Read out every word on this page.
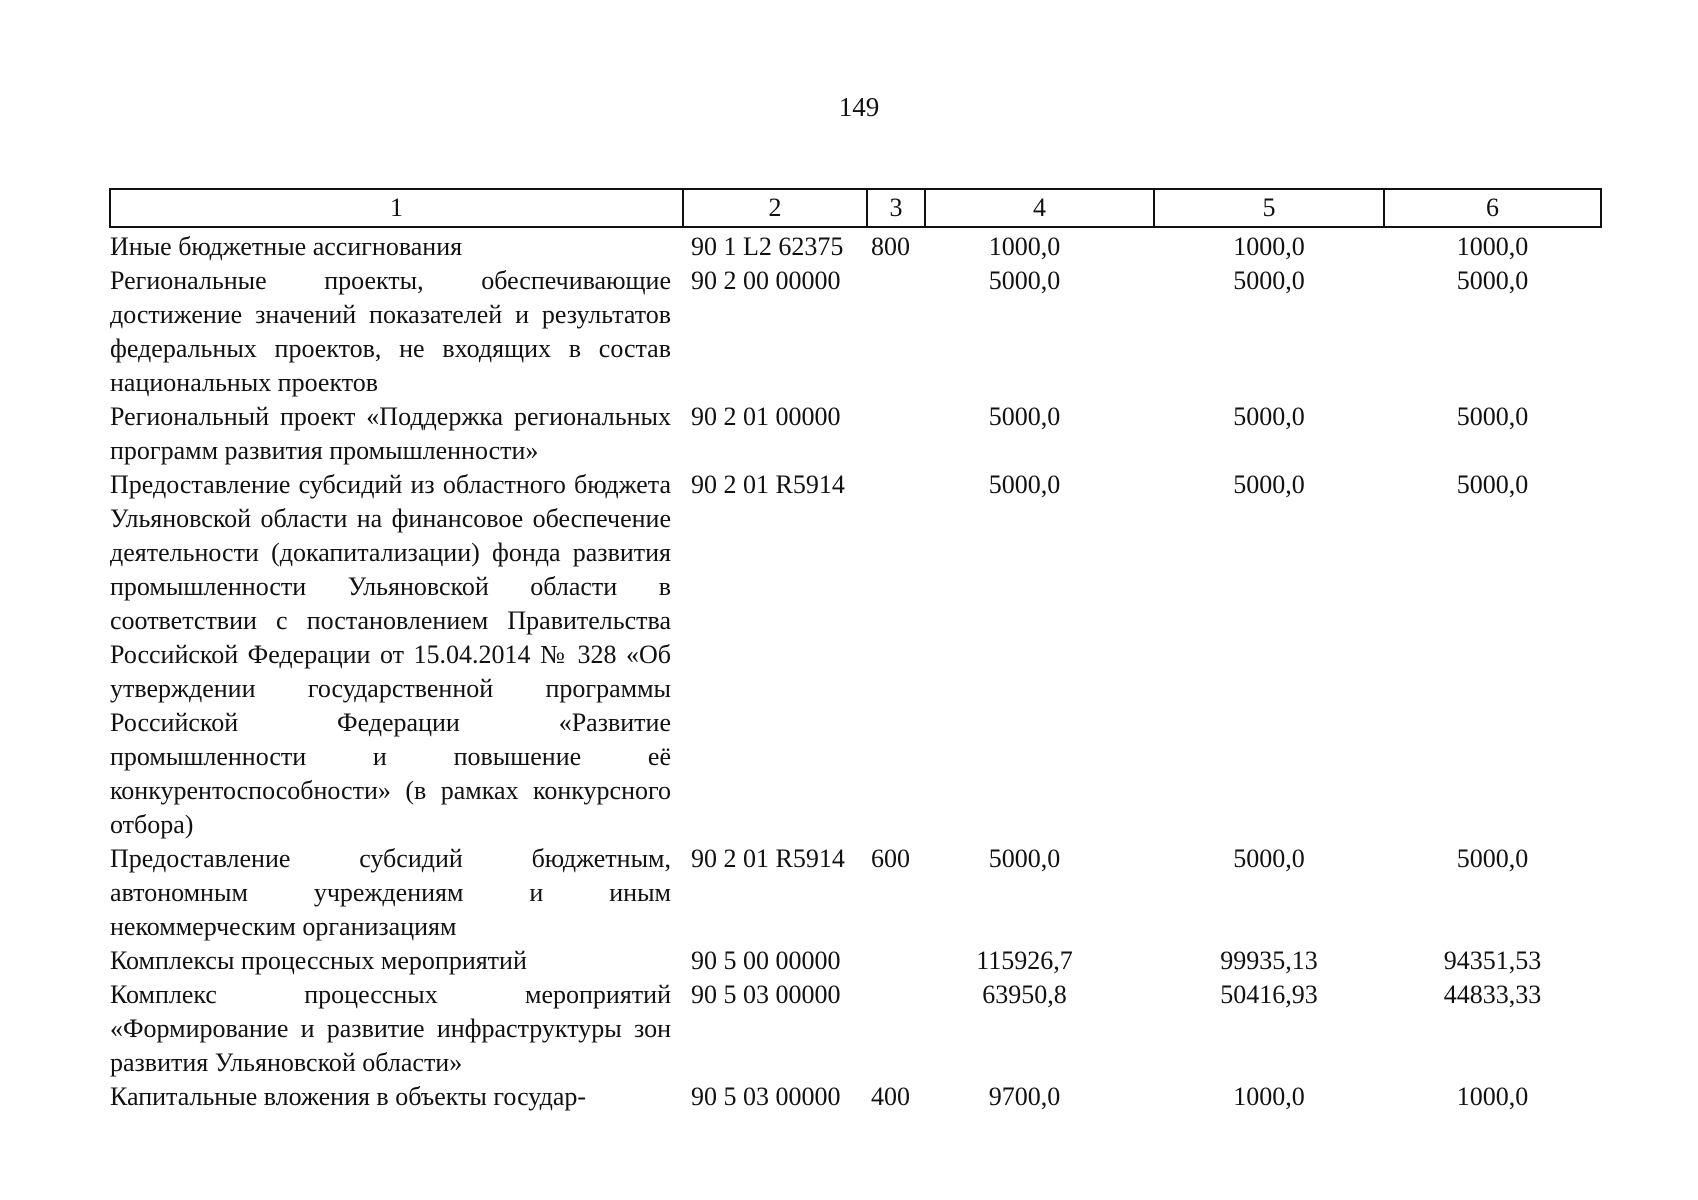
149
1	2	3	4	5	6
Иные бюджетные ассигнования	90 1 L2 62375	800	1000,0	1000,0	1000,0
Региональные проекты, обеспечивающие достижение значений показателей и результатов федеральных проектов, не входящих в состав национальных проектов	90 2 00 00000		5000,0	5000,0	5000,0
Региональный проект «Поддержка региональных программ развития промышленности»	90 2 01 00000		5000,0	5000,0	5000,0
Предоставление субсидий из областного бюджета Ульяновской области на финансовое обеспечение деятельности (докапитализации) фонда развития промышленности Ульяновской области в соответствии с постановлением Правительства Российской Федерации от 15.04.2014 № 328 «Об утверждении государственной программы Российской Федерации «Развитие промышленности и повышение её конкурентоспособности» (в рамках конкурсного отбора)	90 2 01 R5914		5000,0	5000,0	5000,0
Предоставление субсидий бюджетным, автономным учреждениям и иным некоммерческим организациям	90 2 01 R5914	600	5000,0	5000,0	5000,0
Комплексы процессных мероприятий	90 5 00 00000		115926,7	99935,13	94351,53
Комплекс процессных мероприятий «Формирование и развитие инфраструктуры зон развития Ульяновской области»	90 5 03 00000		63950,8	50416,93	44833,33
Капитальные вложения в объекты государ-	90 5 03 00000	400	9700,0	1000,0	1000,0
